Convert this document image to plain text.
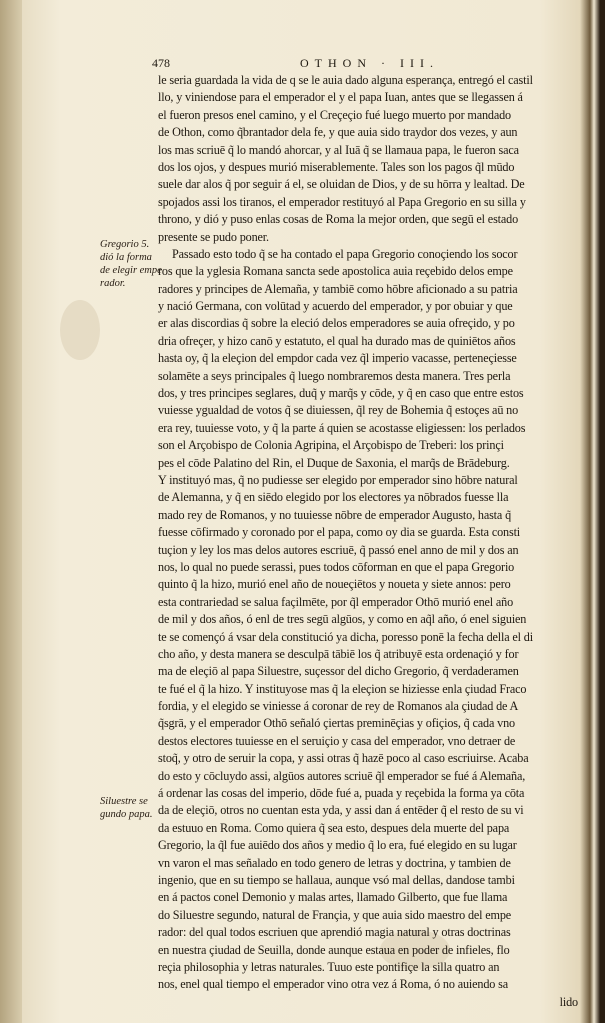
478	OTHON · III.
Gregorio 5.
dió la forma
de elegir empe
rador.
Siluestre se
gundo papa.
le seria guardada la vida de q se le auia dado alguna esperança, entregó el castil
llo, y viniendose para el emperador el y el papa Iuan, antes que se llegassen á
el fueron presos enel camino, y el Creçeçio fué luego muerto por mandado
de Othon, como q̃brantador dela fe, y que auia sido traydor dos vezes, y aun
los mas scriuē q̃ lo mandó ahorcar, y al Iuā q̃ se llamaua papa, le fueron saca
dos los ojos, y despues murió miserablemente. Tales son los pagos q̃l mūdo
suele dar alos q̃ por seguir á el, se oluidan de Dios, y de su hōrra y lealtad. De
spojados assi los tiranos, el emperador restituyó al Papa Gregorio en su silla y
throno, y dió y puso enlas cosas de Roma la mejor orden, que segū el estado
presente se pudo poner.
Passado esto todo q̃ se ha contado el papa Gregorio conoçiendo los socor
ros que la yglesia Romana sancta sede apostolica auia reçebido delos empe
radores y principes de Alemaña, y tambiē como hōbre aficionado a su patria
y nació Germana, con volūtad y acuerdo del emperador, y por obuiar y que
er alas discordias q̃ sobre la eleció delos emperadores se auia ofreçido, y po
dria ofreçer, y hizo canō y estatuto, el qual ha durado mas de quiniētos años
hasta oy, q̃ la eleçion del empdor cada vez q̃l imperio vacasse, perteneçiesse
solamēte a seys principales q̃ luego nombraremos desta manera. Tres perla
dos, y tres principes seglares, duq̃ y marq̃s y cōde, y q̃ en caso que entre estos
vuiesse ygualdad de votos q̃ se diuiessen, q̃l rey de Bohemia q̃ estoçes aū no
era rey, tuuiesse voto, y q̃ la parte á quien se acostasse eligiessen: los perlados
son el Arçobispo de Colonia Agripina, el Arçobispo de Treberi: los prinçi
pes el cōde Palatino del Rin, el Duque de Saxonia, el marq̃s de Brādeburg.
Y instituyó mas, q̃ no pudiesse ser elegido por emperador sino hōbre natural
de Alemanna, y q̃ en siēdo elegido por los electores ya nōbrados fuesse lla
mado rey de Romanos, y no tuuiesse nōbre de emperador Augusto, hasta q̃
fuesse cōfirmado y coronado por el papa, como oy dia se guarda. Esta consti
tuçion y ley los mas delos autores escriuē, q̃ passó enel anno de mil y dos an
nos, lo qual no puede serassi, pues todos cōforman en que el papa Gregorio
quinto q̃ la hizo, murió enel año de noueçiētos y noueta y siete annos: pero
esta contrariedad se salua façilmēte, por q̃l emperador Othō murió enel año
de mil y dos años, ó enl de tres segū algūos, y como en aq̃l año, ó enel siguien
te se començó á vsar dela constitució ya dicha, poresso ponē la fecha della el di
cho año, y desta manera se desculpā tābiē los q̃ atribuyē esta ordenaçió y for
ma de eleçiō al papa Siluestre, suçessor del dicho Gregorio, q̃ verdaderamen
te fué el q̃ la hizo. Y instituyose mas q̃ la eleçion se hiziesse enla çiudad Fraco
fordia, y el elegido se viniesse á coronar de rey de Romanos ala çiudad de A
q̃sgrā, y el emperador Othō señaló çiertas preminēçias y ofiçios, q̃ cada vno
destos electores tuuiesse en el seruiçio y casa del emperador, vno detraer de
stoq̃, y otro de seruir la copa, y assi otras q̃ hazē poco al caso escriuirse. Acaba
do esto y cōcluydo assi, algūos autores scriuē q̃l emperador se fué á Alemaña,
á ordenar las cosas del imperio, dōde fué a, puada y reçebida la forma ya cōta
da de eleçiō, otros no cuentan esta yda, y assi dan á entēder q̃ el resto de su vi
da estuuo en Roma. Como quiera q̃ sea esto, despues dela muerte del papa
Gregorio, la q̃l fue auiēdo dos años y medio q̃ lo era, fué elegido en su lugar
vn varon el mas señalado en todo genero de letras y doctrina, y tambien de
ingenio, que en su tiempo se hallaua, aunque vsó mal dellas, dandose tambi
en á pactos conel Demonio y malas artes, llamado Gilberto, que fue llama
do Siluestre segundo, natural de Françia, y que auia sido maestro del empe
rador: del qual todos escriuen que aprendió magia natural y otras doctrinas
en nuestra çiudad de Seuilla, donde aunque estaua en poder de infieles, flo
reçia philosophia y letras naturales. Tuuo este pontifiçe la silla quatro an
nos, enel qual tiempo el emperador vino otra vez á Roma, ó no auiendo sa
lido
